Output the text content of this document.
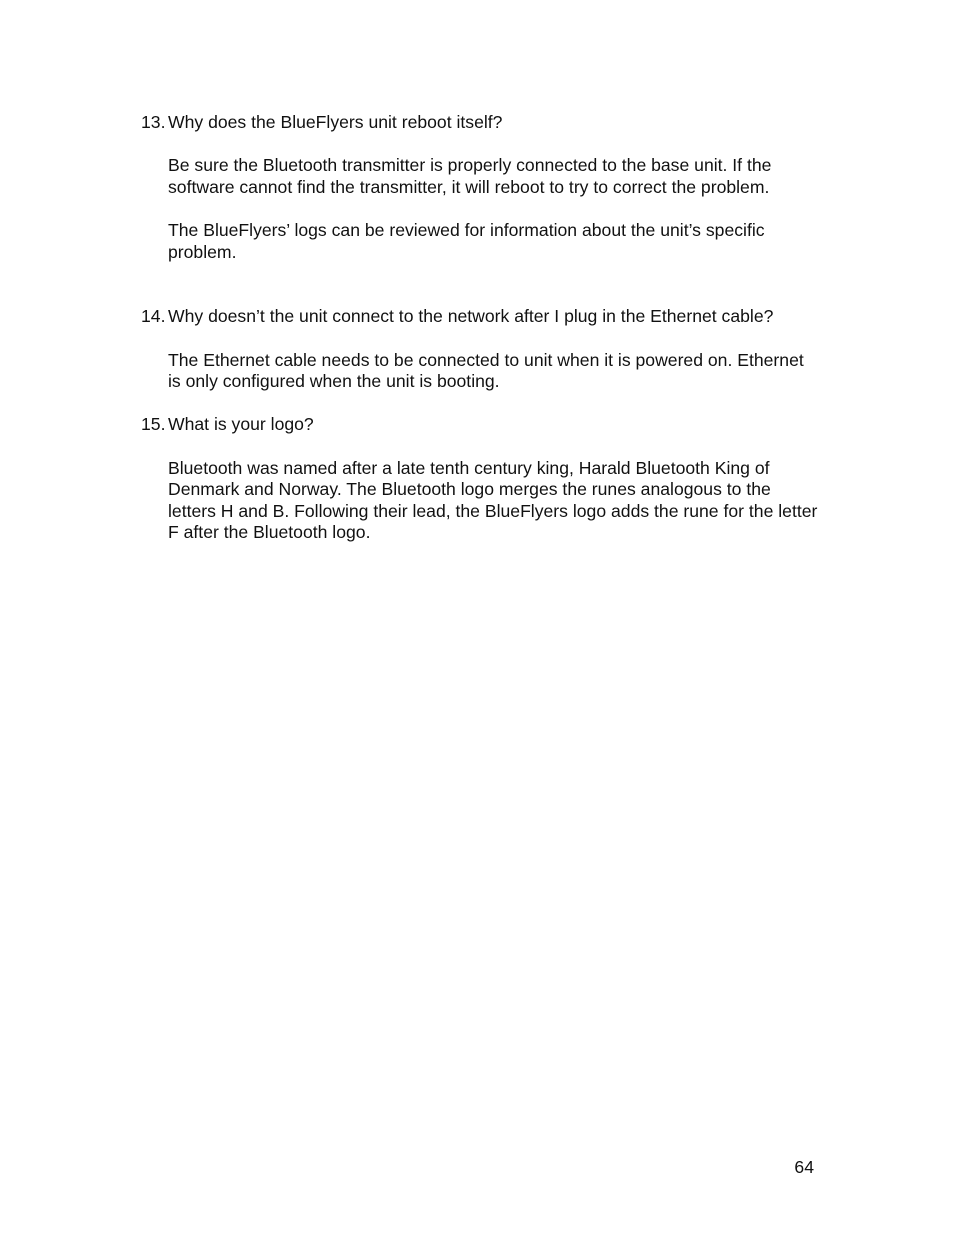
13. Why does the BlueFlyers unit reboot itself?

Be sure the Bluetooth transmitter is properly connected to the base unit. If the software cannot find the transmitter, it will reboot to try to correct the problem.

The BlueFlyers’ logs can be reviewed for information about the unit’s specific problem.

14. Why doesn’t the unit connect to the network after I plug in the Ethernet cable?

The Ethernet cable needs to be connected to unit when it is powered on. Ethernet is only configured when the unit is booting.

15. What is your logo?

Bluetooth was named after a late tenth century king, Harald Bluetooth King of Denmark and Norway. The Bluetooth logo merges the runes analogous to the letters H and B. Following their lead, the BlueFlyers logo adds the rune for the letter F after the Bluetooth logo.

64
